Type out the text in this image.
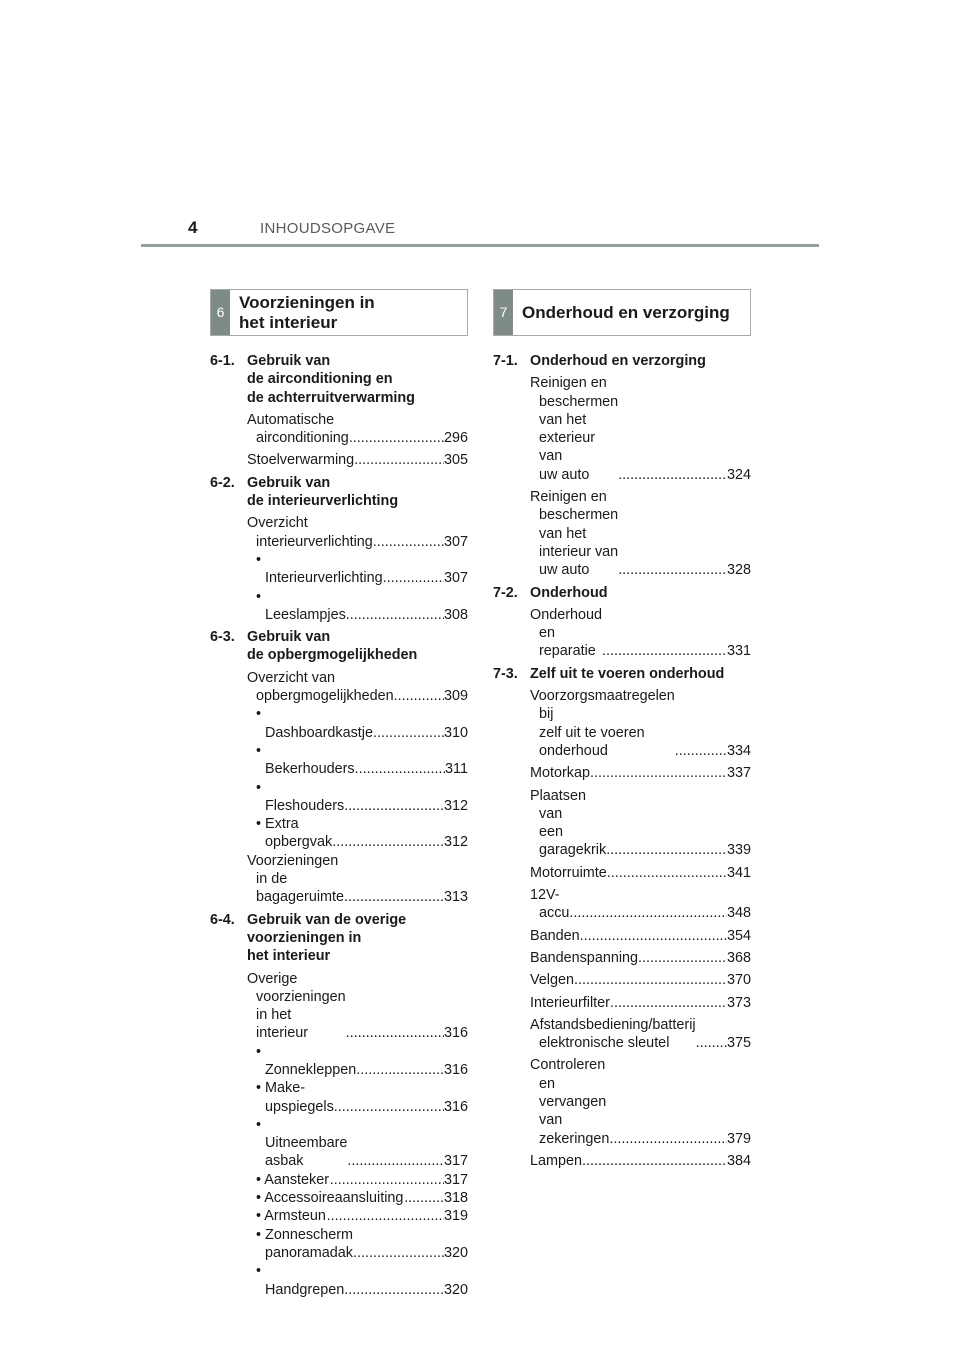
4	INHOUDSOPGAVE
6
Voorzieningen in
het interieur
6-1. Gebruik van
de airconditioning en
de achterruitverwarming
Automatische
airconditioning .....	296
Stoelverwarming .....	305
6-2. Gebruik van
de interieurverlichting
Overzicht
interieurverlichting .....	307
• Interieurverlichting .....	307
• Leeslampjes .....	308
6-3. Gebruik van
de opbergmogelijkheden
Overzicht van
opbergmogelijkheden .....	309
• Dashboardkastje .....	310
• Bekerhouders .....	311
• Fleshouders .....	312
• Extra opbergvak .....	312
Voorzieningen
in de bagageruimte .....	313
6-4. Gebruik van de overige
voorzieningen in
het interieur
Overige voorzieningen
in het interieur .....	316
• Zonnekleppen .....	316
• Make-upspiegels .....	316
• Uitneembare asbak .....	317
• Aansteker .....	317
• Accessoireaansluiting .....	318
• Armsteun .....	319
• Zonnescherm
panoramadak .....	320
• Handgrepen .....	320
7 Onderhoud en verzorging
7-1. Onderhoud en verzorging
Reinigen en beschermen
van het exterieur van
uw auto .....	324
Reinigen en beschermen
van het interieur van
uw auto .....	328
7-2. Onderhoud
Onderhoud en
reparatie .....	331
7-3. Zelf uit te voeren onderhoud
Voorzorgsmaatregelen bij
zelf uit te voeren
onderhoud .....	334
Motorkap .....	337
Plaatsen van
een garagekrik .....	339
Motorruimte .....	341
12V-accu .....	348
Banden .....	354
Bandenspanning .....	368
Velgen .....	370
Interieurfilter .....	373
Afstandsbediening/batterij
elektronische sleutel .....	375
Controleren en vervangen
van zekeringen .....	379
Lampen .....	384
